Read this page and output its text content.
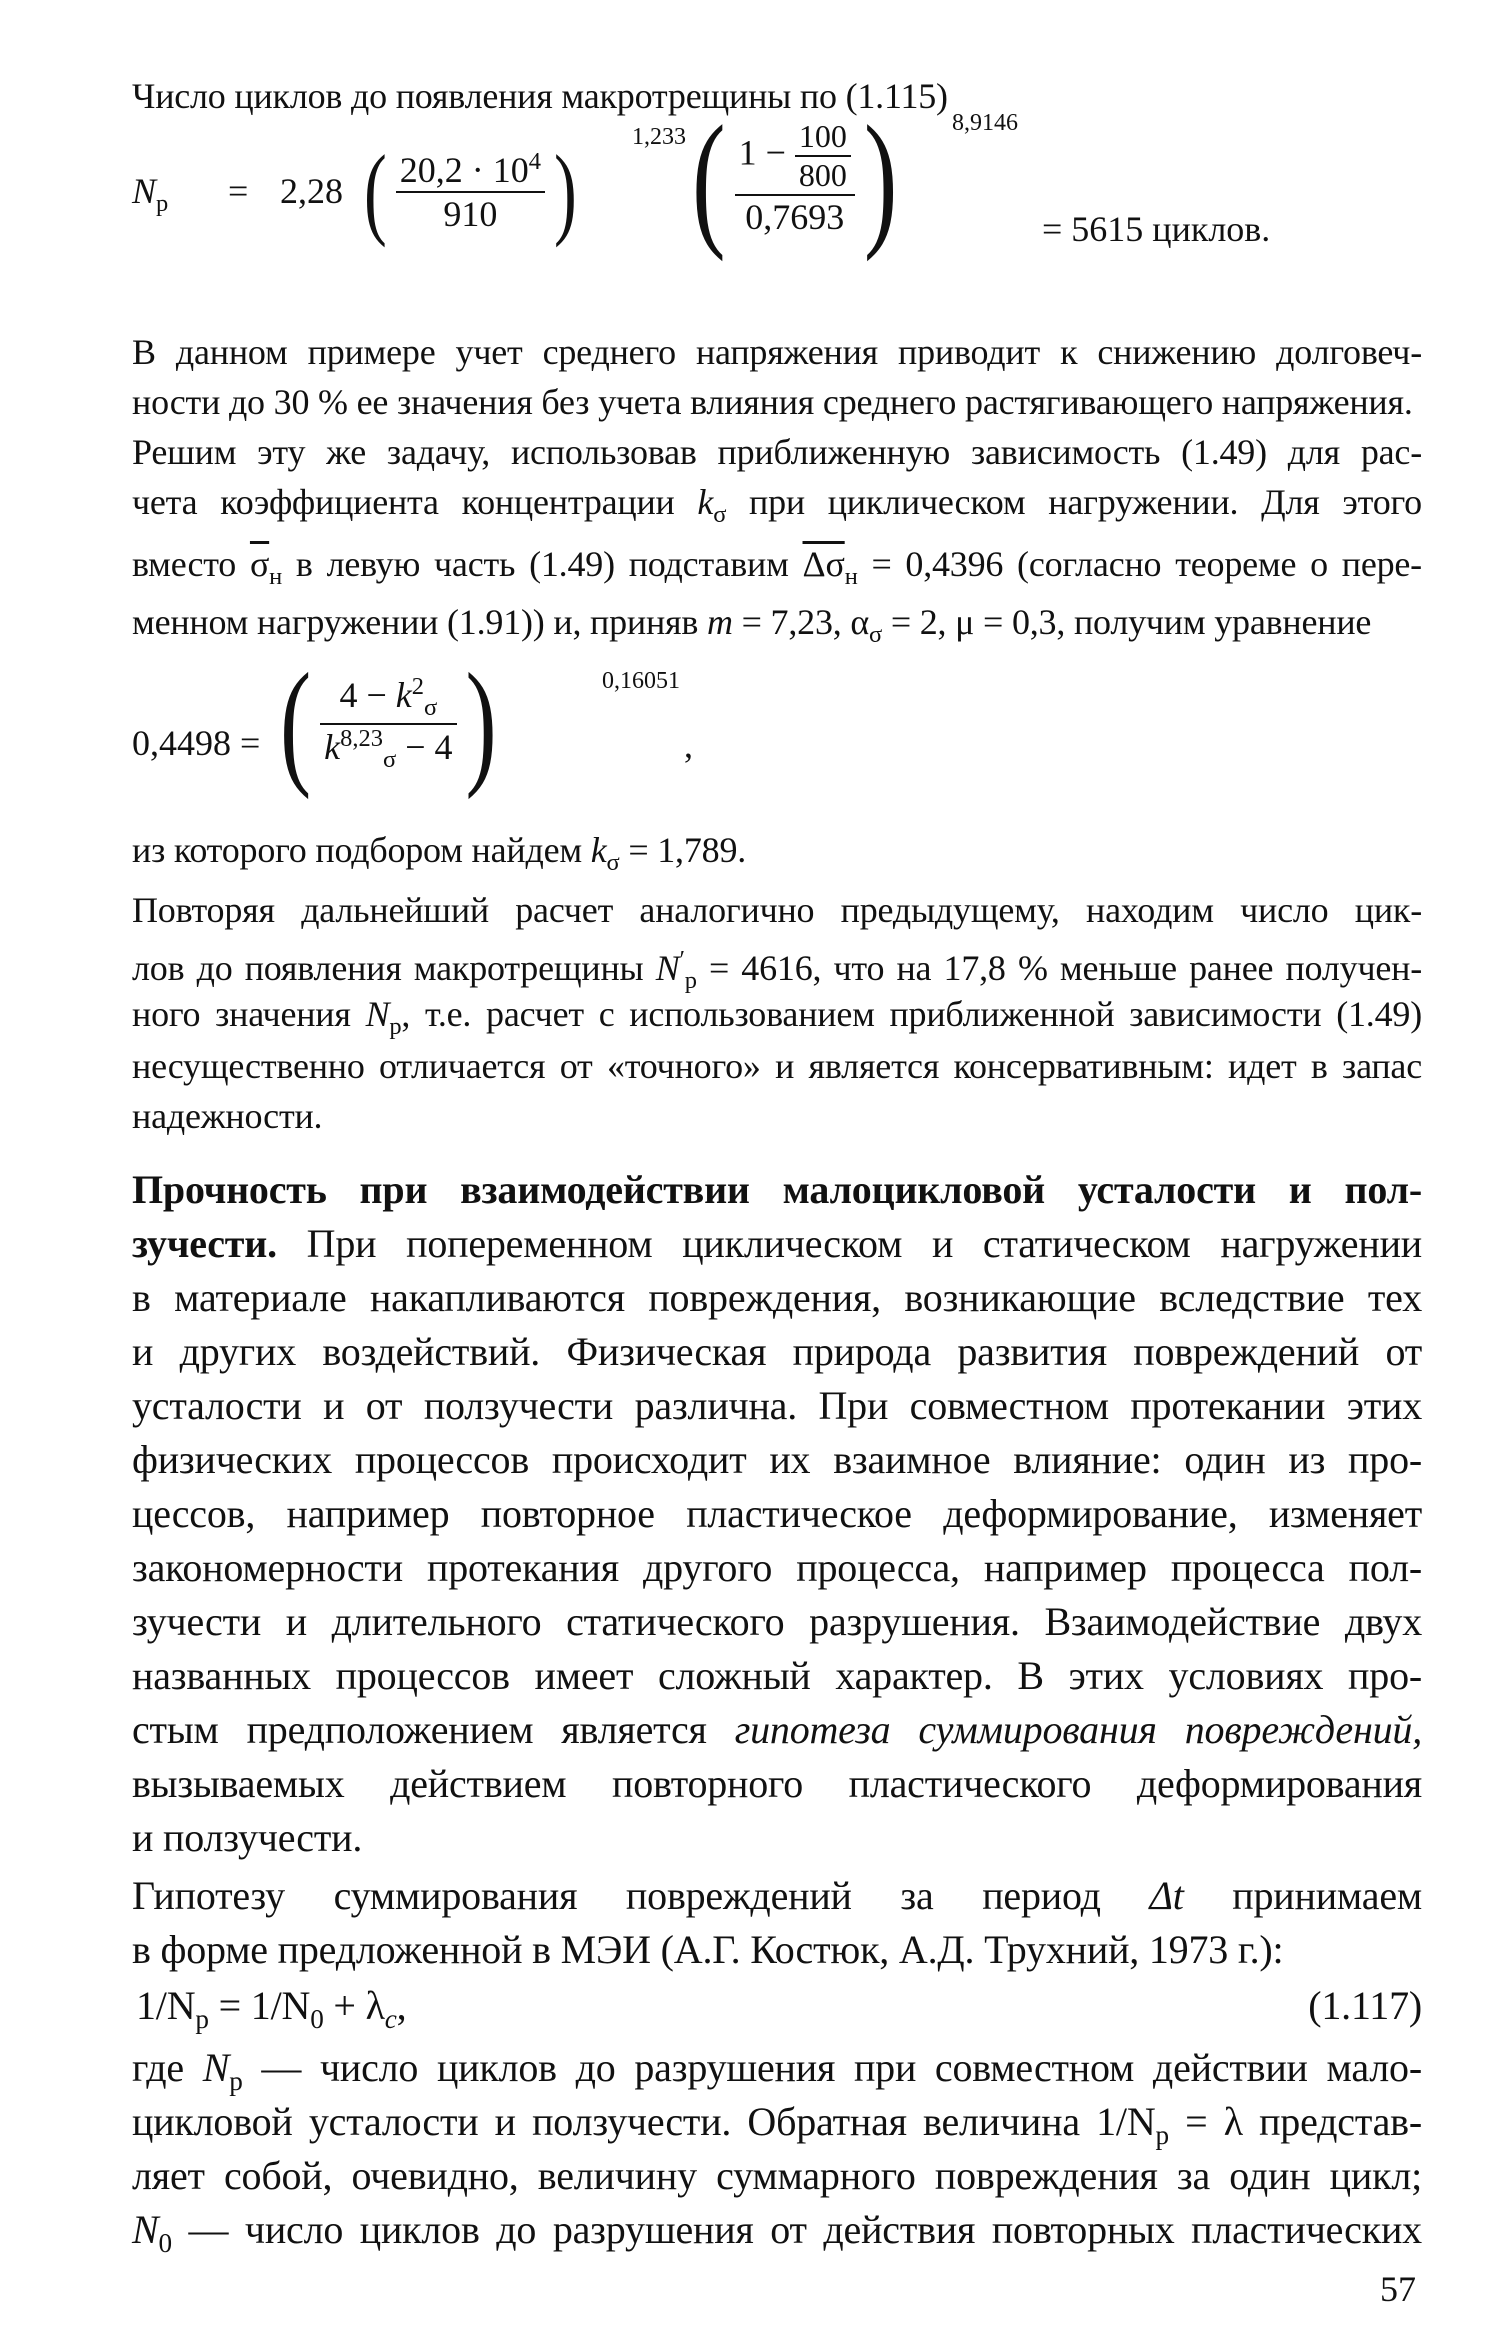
Число циклов до появления макротрещины по (1.115)
$N_р = 2,28$ ( $\frac{20,2 \cdot 10^4}{910}$ ) 1,233 ( $\frac{1 - \frac{100}{800}}{0,7693}$ ) 8,9146
= 5615 циклов.
В данном примере учет среднего напряжения приводит к снижению долговеч-
ности до 30 % ее значения без учета влияния среднего растягивающего напряжения.
Решим эту же задачу, использовав приближенную зависимость (1.49) для рас-
чета коэффициента концентрации $k_\sigma$ при циклическом нагружении. Для этого
вместо $\overline{\sigma}_н$ в левую часть (1.49) подставим $\overline{\Delta\sigma}_н = 0,4396$ (согласно теореме о пере-
менном нагружении (1.91)) и, приняв m = 7,23, $\alpha_\sigma = 2$, μ = 0,3, получим уравнение
0,4498 = ( $\frac{4 - k^2_\sigma}{k^{8,23}_\sigma - 4}$ )	0,16051
,
из которого подбором найдем $k_\sigma = 1,789$.
Повторяя дальнейший расчет аналогично предыдущему, находим число цик-
лов до появления макротрещины $N'_р = 4616$, что на 17,8 % меньше ранее получен-
ного значения $N_р$, т.е. расчет с использованием приближенной зависимости (1.49)
несущественно отличается от «точного» и является консервативным: идет в запас
надежности.
Прочность при взаимодействии малоцикловой усталости и пол-
зучести. При попеременном циклическом и статическом нагружении
в материале накапливаются повреждения, возникающие вследствие тех
и других воздействий. Физическая природа развития повреждений от
усталости и от ползучести различна. При совместном протекании этих
физических процессов происходит их взаимное влияние: один из про-
цессов, например повторное пластическое деформирование, изменяет
закономерности протекания другого процесса, например процесса пол-
зучести и длительного статического разрушения. Взаимодействие двух
названных процессов имеет сложный характер. В этих условиях про-
стым предположением является гипотеза суммирования повреждений,
вызываемых действием повторного пластического деформирования
и ползучести.
Гипотезу суммирования повреждений за период Δt принимаем
в форме предложенной в МЭИ (А.Г. Костюк, А.Д. Трухний, 1973 г.):
$1/N_р = 1/N_0 + \lambda_c$,	(1.117)
где $N_р$ — число циклов до разрушения при совместном действии мало-
цикловой усталости и ползучести. Обратная величина $1/N_р = \lambda$ представ-
ляет собой, очевидно, величину суммарного повреждения за один цикл;
$N_0$ — число циклов до разрушения от действия повторных пластических
57
